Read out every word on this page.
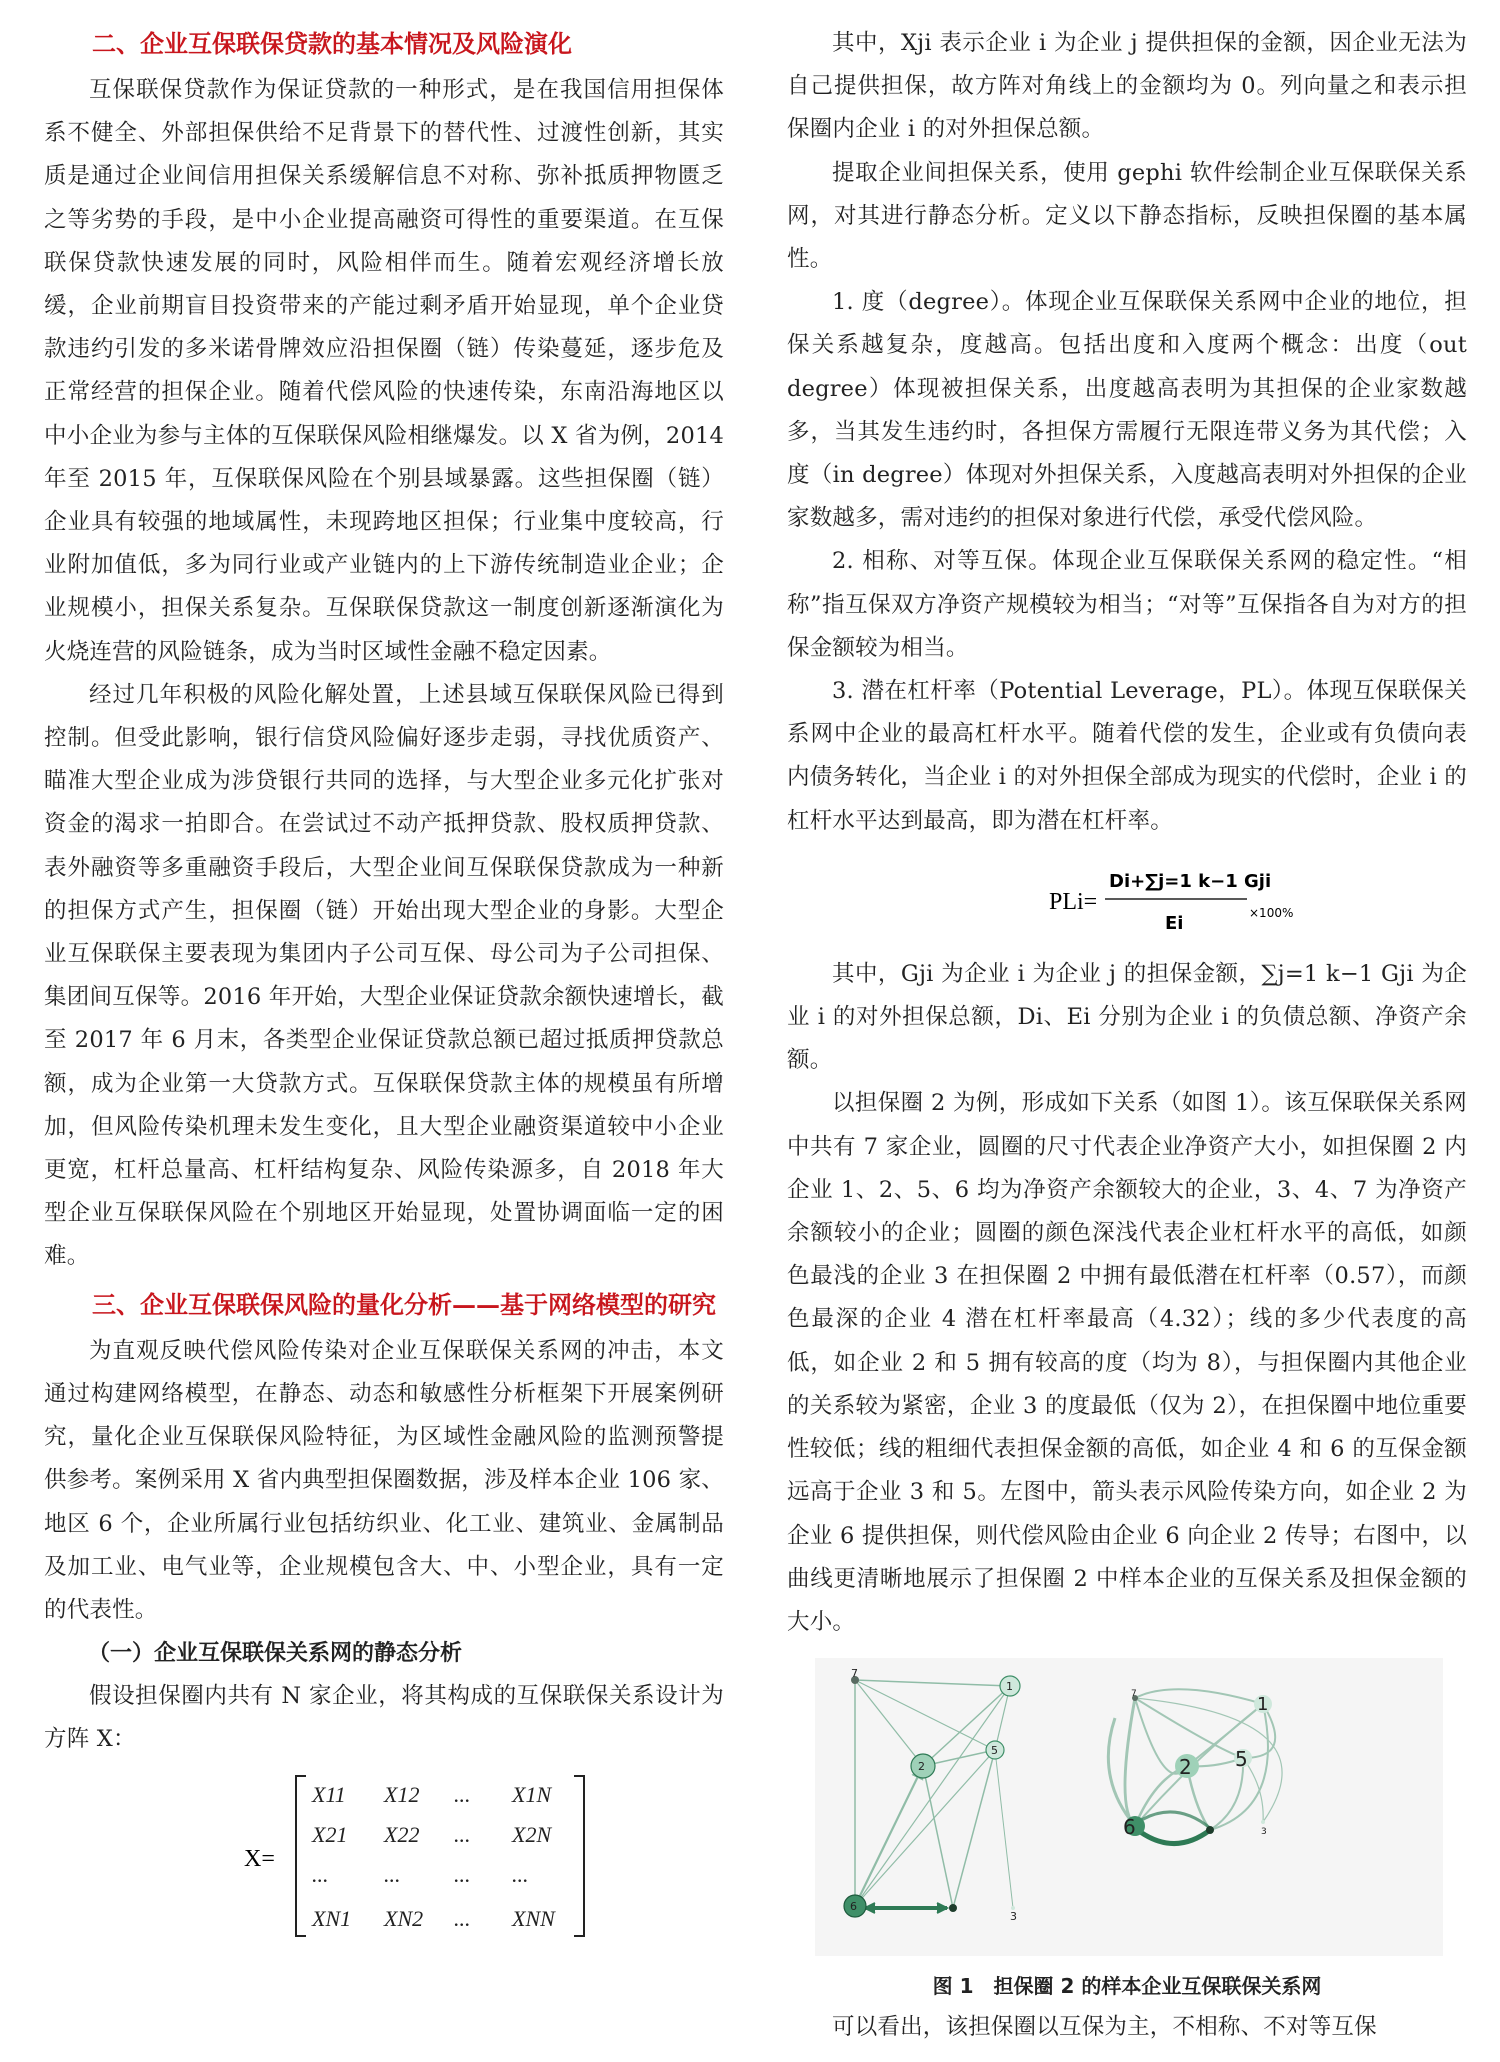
二、企业互保联保贷款的基本情况及风险演化

互保联保贷款作为保证贷款的一种形式，是在我国信用担保体系不健全、外部担保供给不足背景下的替代性、过渡性创新，其实质是通过企业间信用担保关系缓解信息不对称、弥补抵质押物匮乏之等劣势的手段，是中小企业提高融资可得性的重要渠道。在互保联保贷款快速发展的同时，风险相伴而生。随着宏观经济增长放缓，企业前期盲目投资带来的产能过剩矛盾开始显现，单个企业贷款违约引发的多米诺骨牌效应沿担保圈（链）传染蔓延，逐步危及正常经营的担保企业。随着代偿风险的快速传染，东南沿海地区以中小企业为参与主体的互保联保风险相继爆发。以 X 省为例，2014 年至 2015 年，互保联保风险在个别县域暴露。这些担保圈（链）企业具有较强的地域属性，未现跨地区担保；行业集中度较高，行业附加值低，多为同行业或产业链内的上下游传统制造业企业；企业规模小，担保关系复杂。互保联保贷款这一制度创新逐渐演化为火烧连营的风险链条，成为当时区域性金融不稳定因素。

经过几年积极的风险化解处置，上述县域互保联保风险已得到控制。但受此影响，银行信贷风险偏好逐步走弱，寻找优质资产、瞄准大型企业成为涉贷银行共同的选择，与大型企业多元化扩张对资金的渴求一拍即合。在尝试过不动产抵押贷款、股权质押贷款、表外融资等多重融资手段后，大型企业间互保联保贷款成为一种新的担保方式产生，担保圈（链）开始出现大型企业的身影。大型企业互保联保主要表现为集团内子公司互保、母公司为子公司担保、集团间互保等。2016 年开始，大型企业保证贷款余额快速增长，截至 2017 年 6 月末，各类型企业保证贷款总额已超过抵质押贷款总额，成为企业第一大贷款方式。互保联保贷款主体的规模虽有所增加，但风险传染机理未发生变化，且大型企业融资渠道较中小企业更宽，杠杆总量高、杠杆结构复杂、风险传染源多，自 2018 年大型企业互保联保风险在个别地区开始显现，处置协调面临一定的困难。

三、企业互保联保风险的量化分析——基于网络模型的研究

为直观反映代偿风险传染对企业互保联保关系网的冲击，本文通过构建网络模型，在静态、动态和敏感性分析框架下开展案例研究，量化企业互保联保风险特征，为区域性金融风险的监测预警提供参考。案例采用 X 省内典型担保圈数据，涉及样本企业 106 家、地区 6 个，企业所属行业包括纺织业、化工业、建筑业、金属制品及加工业、电气业等，企业规模包含大、中、小型企业，具有一定的代表性。

（一）企业互保联保关系网的静态分析

假设担保圈内共有 N 家企业，将其构成的互保联保关系设计为方阵 X：

X=
X11 X12 ... X1N
X21 X22 ... X2N
...	... ... ...
XN1 XN2 ... XNN

其中，Xji 表示企业 i 为企业 j 提供担保的金额，因企业无法为自己提供担保，故方阵对角线上的金额均为 0。列向量之和表示担保圈内企业 i 的对外担保总额。

提取企业间担保关系，使用 gephi 软件绘制企业互保联保关系网，对其进行静态分析。定义以下静态指标，反映担保圈的基本属性。

1. 度（degree）。体现企业互保联保关系网中企业的地位，担保关系越复杂，度越高。包括出度和入度两个概念：出度（out degree）体现被担保关系，出度越高表明为其担保的企业家数越多，当其发生违约时，各担保方需履行无限连带义务为其代偿；入度（in degree）体现对外担保关系，入度越高表明对外担保的企业家数越多，需对违约的担保对象进行代偿，承受代偿风险。

2. 相称、对等互保。体现企业互保联保关系网的稳定性。“相称”指互保双方净资产规模较为相当；“对等”互保指各自为对方的担保金额较为相当。

3. 潜在杠杆率（Potential Leverage，PL）。体现互保联保关系网中企业的最高杠杆水平。随着代偿的发生，企业或有负债向表内债务转化，当企业 i 的对外担保全部成为现实的代偿时，企业 i 的杠杆水平达到最高，即为潜在杠杆率。

PLi=
Di+∑j=1 k−1 Gji
Ei	×100%

其中，Gji 为企业 i 为企业 j 的担保金额，∑j=1 k−1 Gji 为企业 i 的对外担保总额，Di、Ei 分别为企业 i 的负债总额、净资产余额。

以担保圈 2 为例，形成如下关系（如图 1）。该互保联保关系网中共有 7 家企业，圆圈的尺寸代表企业净资产大小，如担保圈 2 内企业 1、2、5、6 均为净资产余额较大的企业，3、4、7 为净资产余额较小的企业；圆圈的颜色深浅代表企业杠杆水平的高低，如颜色最浅的企业 3 在担保圈 2 中拥有最低潜在杠杆率（0.57），而颜色最深的企业 4 潜在杠杆率最高（4.32）；线的多少代表度的高低，如企业 2 和 5 拥有较高的度（均为 8），与担保圈内其他企业的关系较为紧密，企业 3 的度最低（仅为 2），在担保圈中地位重要性较低；线的粗细代表担保金额的高低，如企业 4 和 6 的互保金额远高于企业 3 和 5。左图中，箭头表示风险传染方向，如企业 2 为企业 6 提供担保，则代偿风险由企业 6 向企业 2 传导；右图中，以曲线更清晰地展示了担保圈 2 中样本企业的互保关系及担保金额的大小。

7
1
2
5
6
3
7	1
2 5
6	3
图 1　担保圈 2 的样本企业互保联保关系网

可以看出，该担保圈以互保为主，不相称、不对等互保
